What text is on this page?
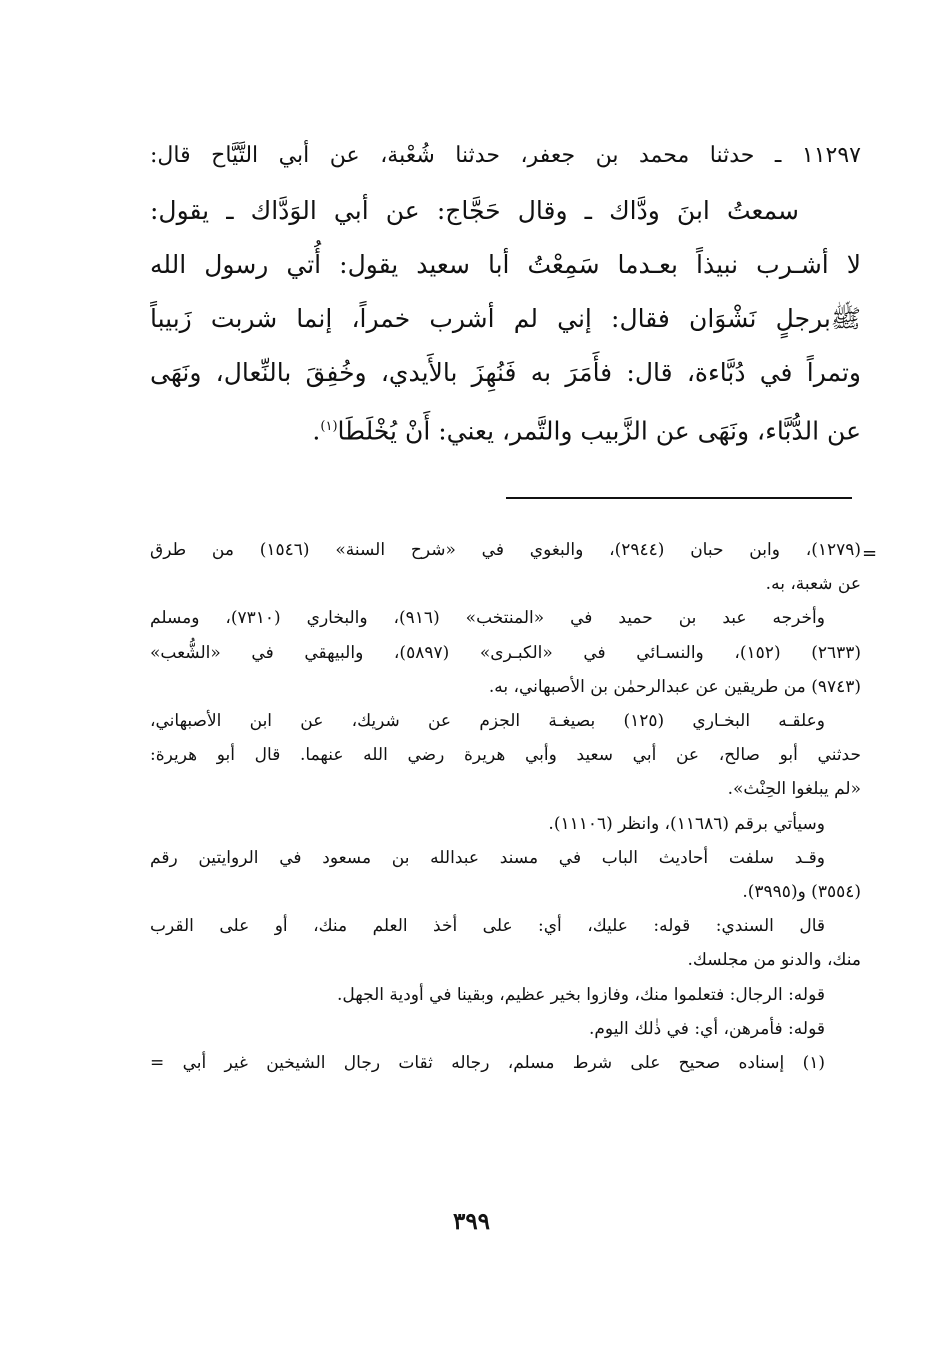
١١٢٩٧ ـ حدثنا محمد بن جعفر، حدثنا شُعْبة، عن أبي التَّيَّاح قال:
سمعتُ ابنَ ودَّاك ـ وقال حَجَّاج: عن أبي الوَدَّاك ـ يقول:
لا أشـرب نبيذاً بعـدما سَمِعْتُ أبا سعيد يقول: أُتي رسول الله
ﷺبرجلٍ نَشْوَان فقال: إني لم أشرب خمراً، إنما شربت زَبيباً
وتمراً في دُبَّاءة، قال: فأَمَرَ به فَنُهِزَ بالأَيدي، وخُفِقَ بالنِّعال، ونَهَى
عن الدُّبَّاء، ونَهَى عن الزَّبيب والتَّمر، يعني: أَنْ يُخْلَطَا$^{(١)}$.
=
(١٢٧٩)، وابن حبان (٢٩٤٤)، والبغوي في «شرح السنة» (١٥٤٦) من طرق
عن شعبة، به.
وأخرجه عبد بن حميد في «المنتخب» (٩١٦)، والبخاري (٧٣١٠)، ومسلم
(٢٦٣٣) (١٥٢)، والنسـائي في «الكبـرى» (٥٨٩٧)، والبيهقي في «الشُّعب»
(٩٧٤٣) من طريقين عن عبدالرحمٰن بن الأصبهاني، به.
وعلقـه البخـاري (١٢٥) بصيغـة الجزم عن شريك، عن ابن الأصبهاني،
حدثني أبو صالح، عن أبي سعيد وأبي هريرة رضي الله عنهما. قال أبو هريرة:
«لم يبلغوا الحِنْث».
وسيأتي برقم (١١٦٨٦)، وانظر (١١١٠٦).
وقـد سلفت أحاديث الباب في مسند عبدالله بن مسعود في الروايتين رقم
(٣٥٥٤) و(٣٩٩٥).
قال السندي: قوله: عليك، أي: على أخذ العلم منك، أو على القرب
منك، والدنو من مجلسك.
قوله: الرجال: فتعلموا منك، وفازوا بخير عظيم، وبقينا في أودية الجهل.
قوله: فأمرهن، أي: في ذٰلك اليوم.
(١) إسناده صحيح على شرط مسلم، رجاله ثقات رجال الشيخين غير أبي =
٣٩٩
